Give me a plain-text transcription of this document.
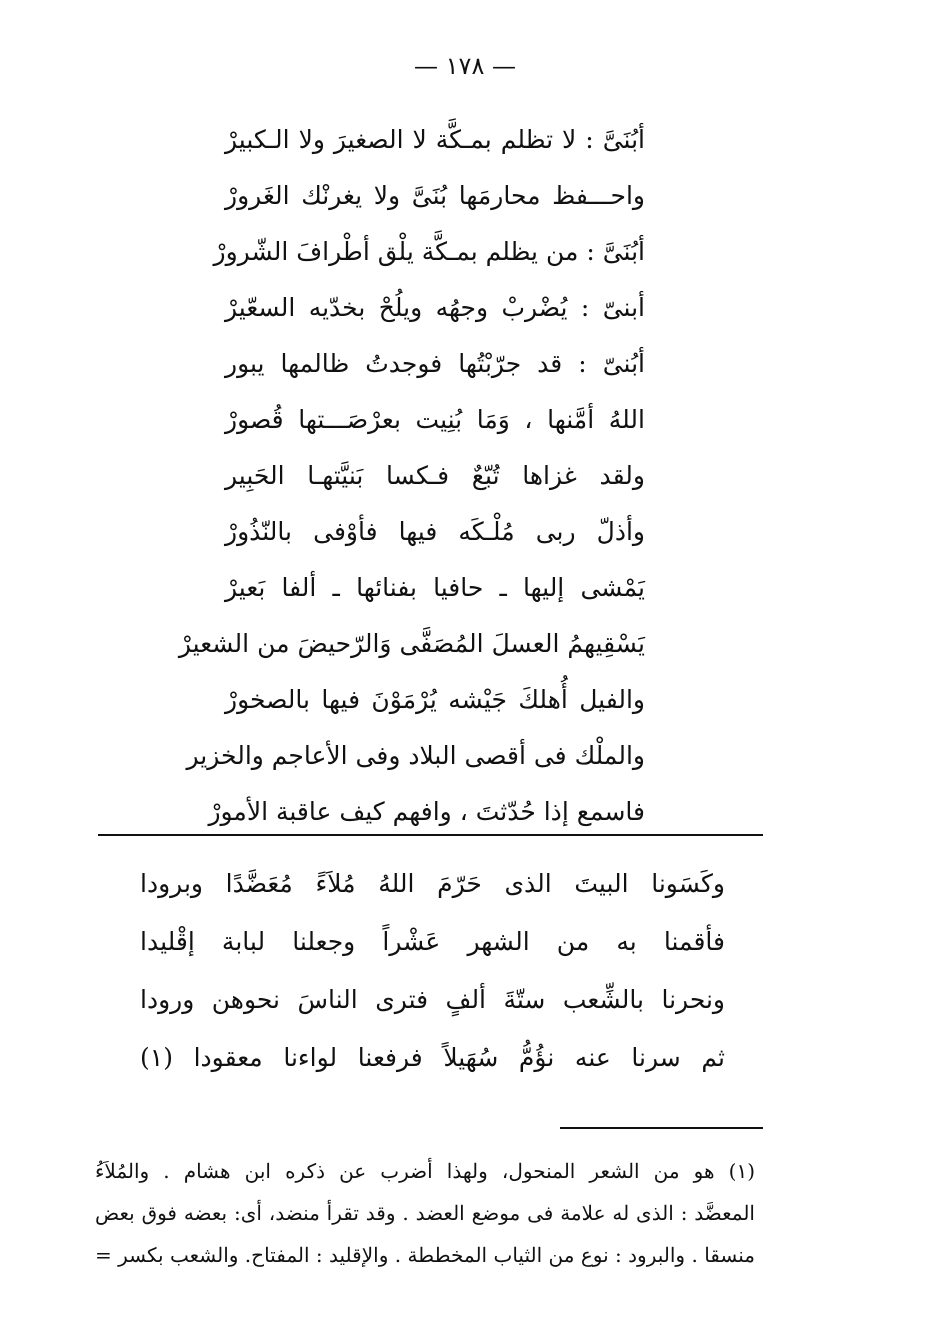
— ١٧٨ —
أبُنَىَّ : لا تظلم بمـكَّة لا الصغيرَ ولا الـكبيرْ
واحـــفظ محارمَها بُنَىَّ ولا يغرنْك الغَرورْ
أبُنَىَّ : من يظلم بمـكَّة يلْق أطْرافَ الشّرورْ
أبنىّ : يُضْربْ وجهُه ويلُحْ بخدّيه السعّيرْ
أبُنىّ : قد جرّبْتُها فوجدتُ ظالمها يبور
اللهُ أمَّنها ، وَمَا بُنِيت بعرْصَـــتها قُصورْ
ولقد غزاها تُبّعٌ فـكسا بَنيَّتهـا الحَبِير
وأذلّ ربى مُلْـكَه فيها فأوْفى بالنّذُورْ
يَمْشى إليها ـ حافيا بفنائها ـ ألفا بَعيرْ
يَسْقِيهمُ العسلَ المُصَفَّى وَالرّحيضَ من الشعيرْ
والفيل أُهلكَ جَيْشه يُرْمَوْنَ فيها بالصخورْ
والملْك فى أقصى البلاد وفى الأعاجم والخزير
فاسمع إذا حُدّثتَ ، وافهم كيف عاقبة الأمورْ
وكَسَونا البيتَ الذى حَرّمَ اللهُ مُلاَءً مُعَضَّدًا وبرودا
فأقمنا به من الشهر عَشْراً وجعلنا لبابة إقْليدا
ونحرنا بالشِّعب ستّةَ ألفٍ فترى الناسَ نحوهن ورودا
ثم سرنا عنه نؤُمُّ سُهَيلاً فرفعنا لواءنا معقودا (١)
(١) هو من الشعر المنحول، ولهذا أضرب عن ذكره ابن هشام . والمُلاَءُ
المعضَّد : الذى له علامة فى موضع العضد . وقد تقرأ منضد، أى: بعضه فوق بعض
منسقا . والبرود : نوع من الثياب المخططة . والإقليد : المفتاح. والشعب بكسر =
